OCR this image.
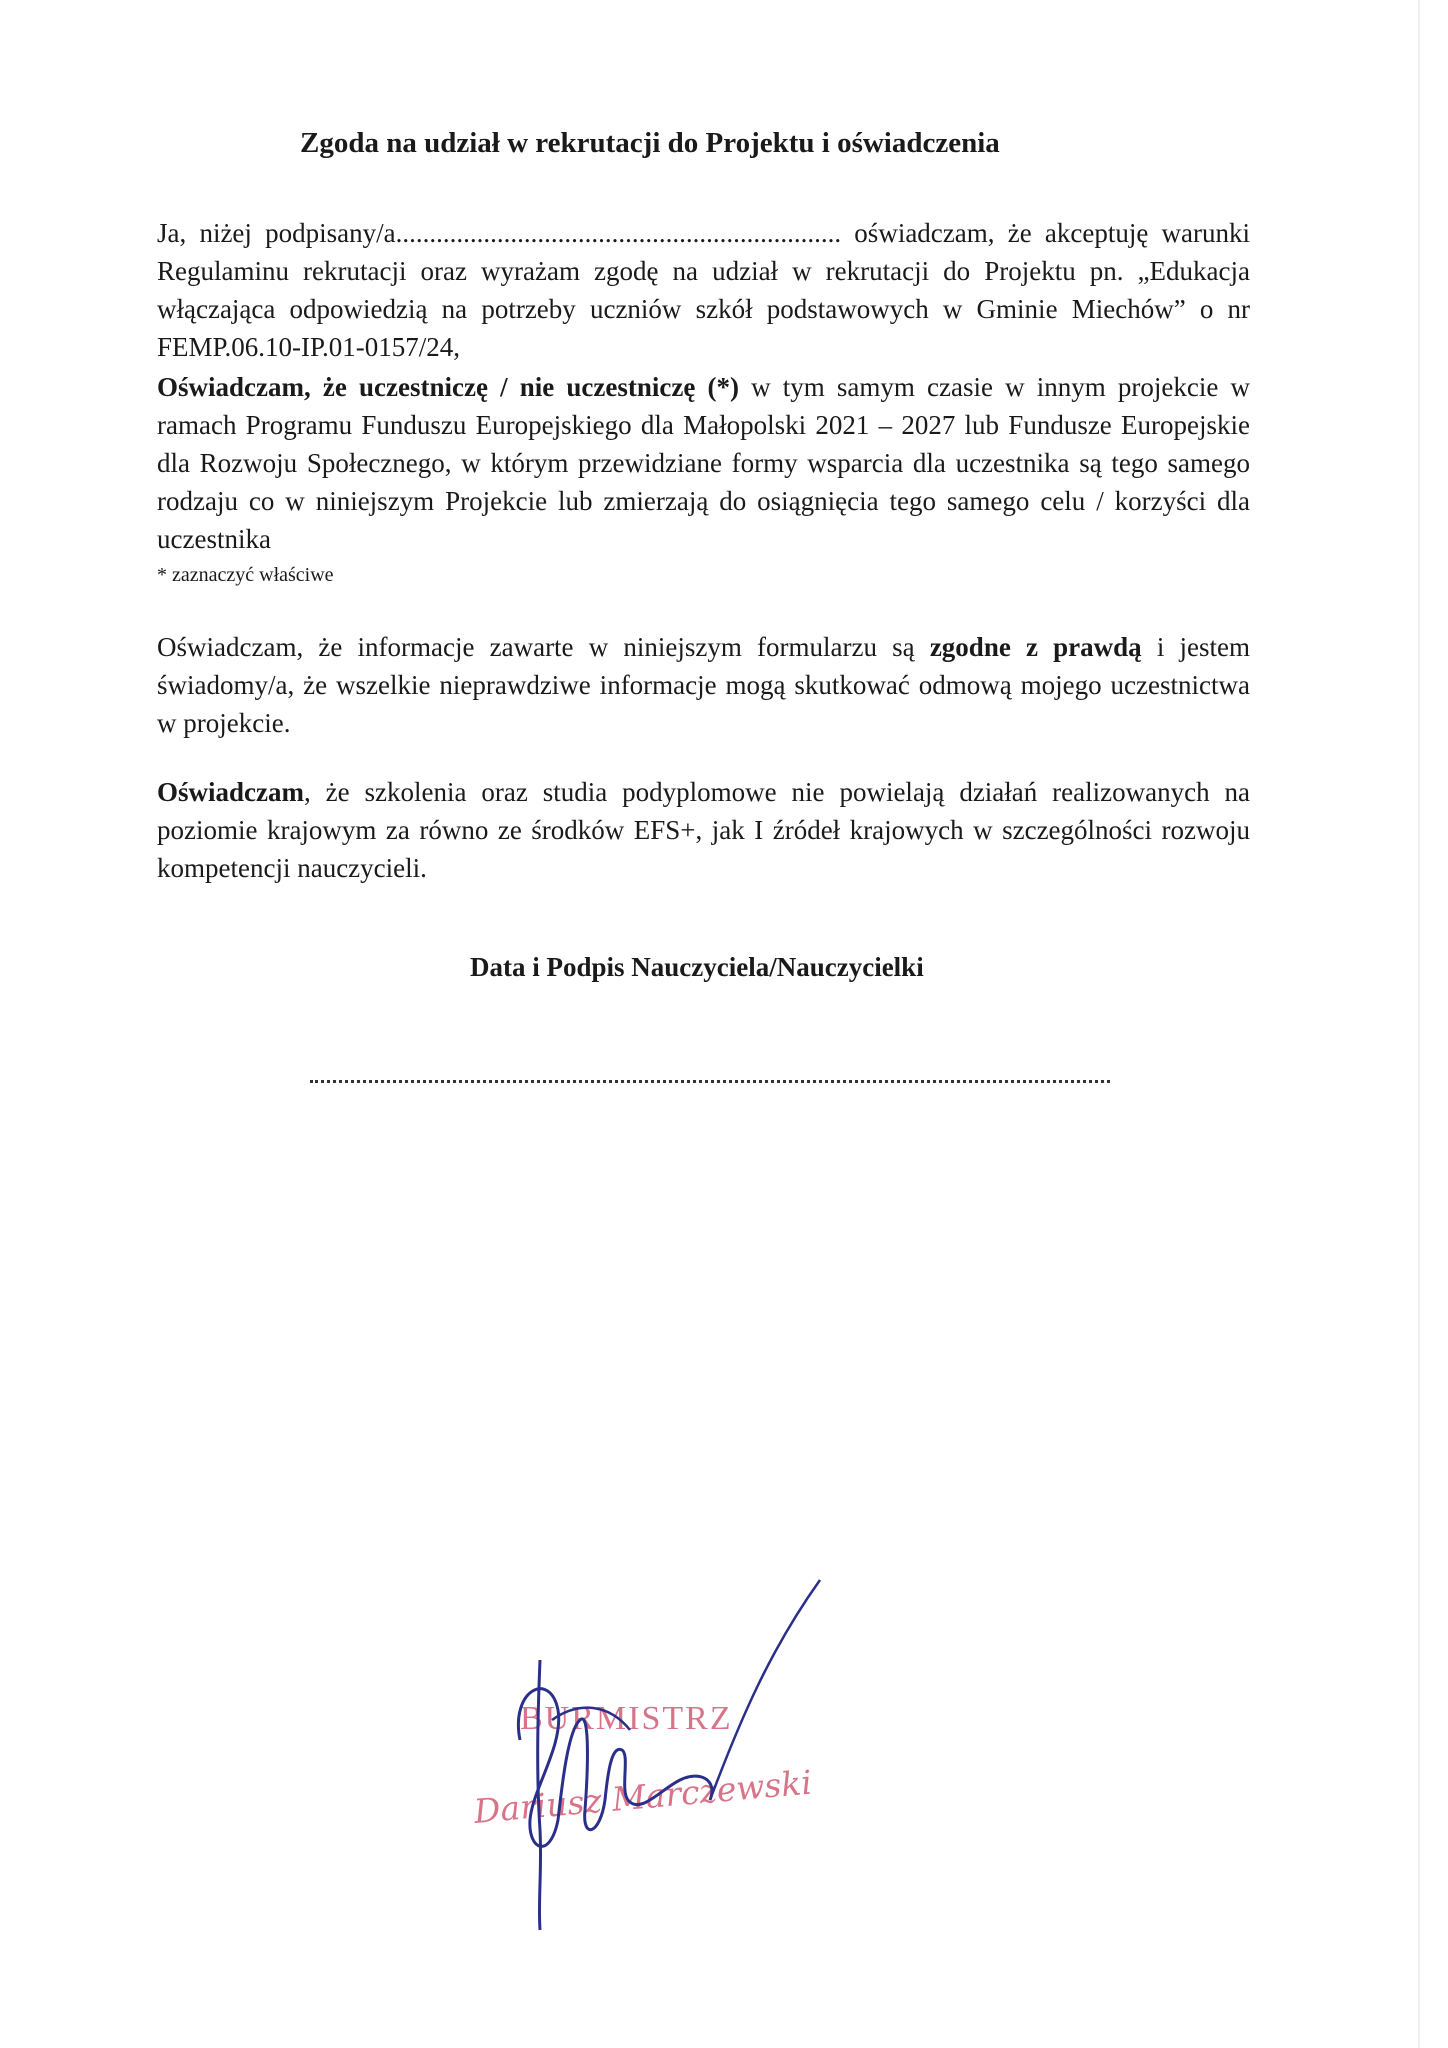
Zgoda na udział w rekrutacji do Projektu i oświadczenia
Ja, niżej podpisany/a.................................................................. oświadczam, że akceptuję warunki Regulaminu rekrutacji oraz wyrażam zgodę na udział w rekrutacji do Projektu pn. „Edukacja włączająca odpowiedzią na potrzeby uczniów szkół podstawowych w Gminie Miechów” o nr FEMP.06.10-IP.01-0157/24,
Oświadczam, że uczestniczę / nie uczestniczę (*) w tym samym czasie w innym projekcie w ramach Programu Funduszu Europejskiego dla Małopolski 2021 – 2027 lub Fundusze Europejskie dla Rozwoju Społecznego, w którym przewidziane formy wsparcia dla uczestnika są tego samego rodzaju co w niniejszym Projekcie lub zmierzają do osiągnięcia tego samego celu / korzyści dla uczestnika
* zaznaczyć właściwe
Oświadczam, że informacje zawarte w niniejszym formularzu są zgodne z prawdą i jestem świadomy/a, że wszelkie nieprawdziwe informacje mogą skutkować odmową mojego uczestnictwa w projekcie.
Oświadczam, że szkolenia oraz studia podyplomowe nie powielają działań realizowanych na poziomie krajowym za równo ze środków EFS+, jak I źródeł krajowych w szczególności rozwoju kompetencji nauczycieli.
Data i Podpis Nauczyciela/Nauczycielki
BURMISTRZ
Dariusz Marczewski
